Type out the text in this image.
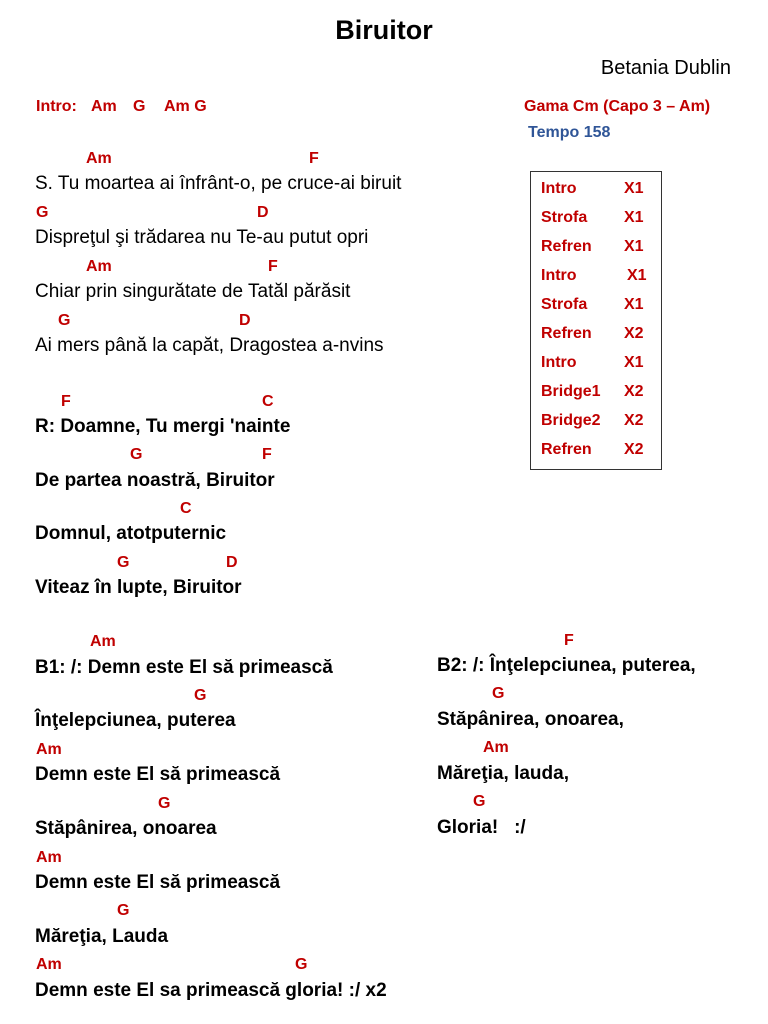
Biruitor
Betania Dublin
Intro: Am G Am G	Gama Cm (Capo 3 – Am)
Tempo 158
Intro	X1
Strofa X1
Refren X1
Intro	X1
Strofa X1
Refren X2
Intro	X1
Bridge1 X2
Bridge2 X2
Refren X2
Am	F
S. Tu moartea ai înfrânt-o, pe cruce-ai biruit
G	D
Dispreţul şi trădarea nu Te-au putut opri
Am	F
Chiar prin singurătate de Tatăl părăsit
G	D
Ai mers până la capăt, Dragostea a-nvins
F	C
R: Doamne, Tu mergi 'nainte
G	F
De partea noastră, Biruitor
C
Domnul, atotputernic
G	D
Viteaz în lupte, Biruitor
Am
B1: /: Demn este El să primească
G
Înţelepciunea, puterea
Am
Demn este El să primească
G
Stăpânirea, onoarea
Am
Demn este El să primească
G
Măreţia, Lauda
Am	G
Demn este El sa primească gloria! :/ x2
F
B2: /: Înţelepciunea, puterea,
G
Stăpânirea, onoarea,
Am
Măreţia, lauda,
G
Gloria!   :/
